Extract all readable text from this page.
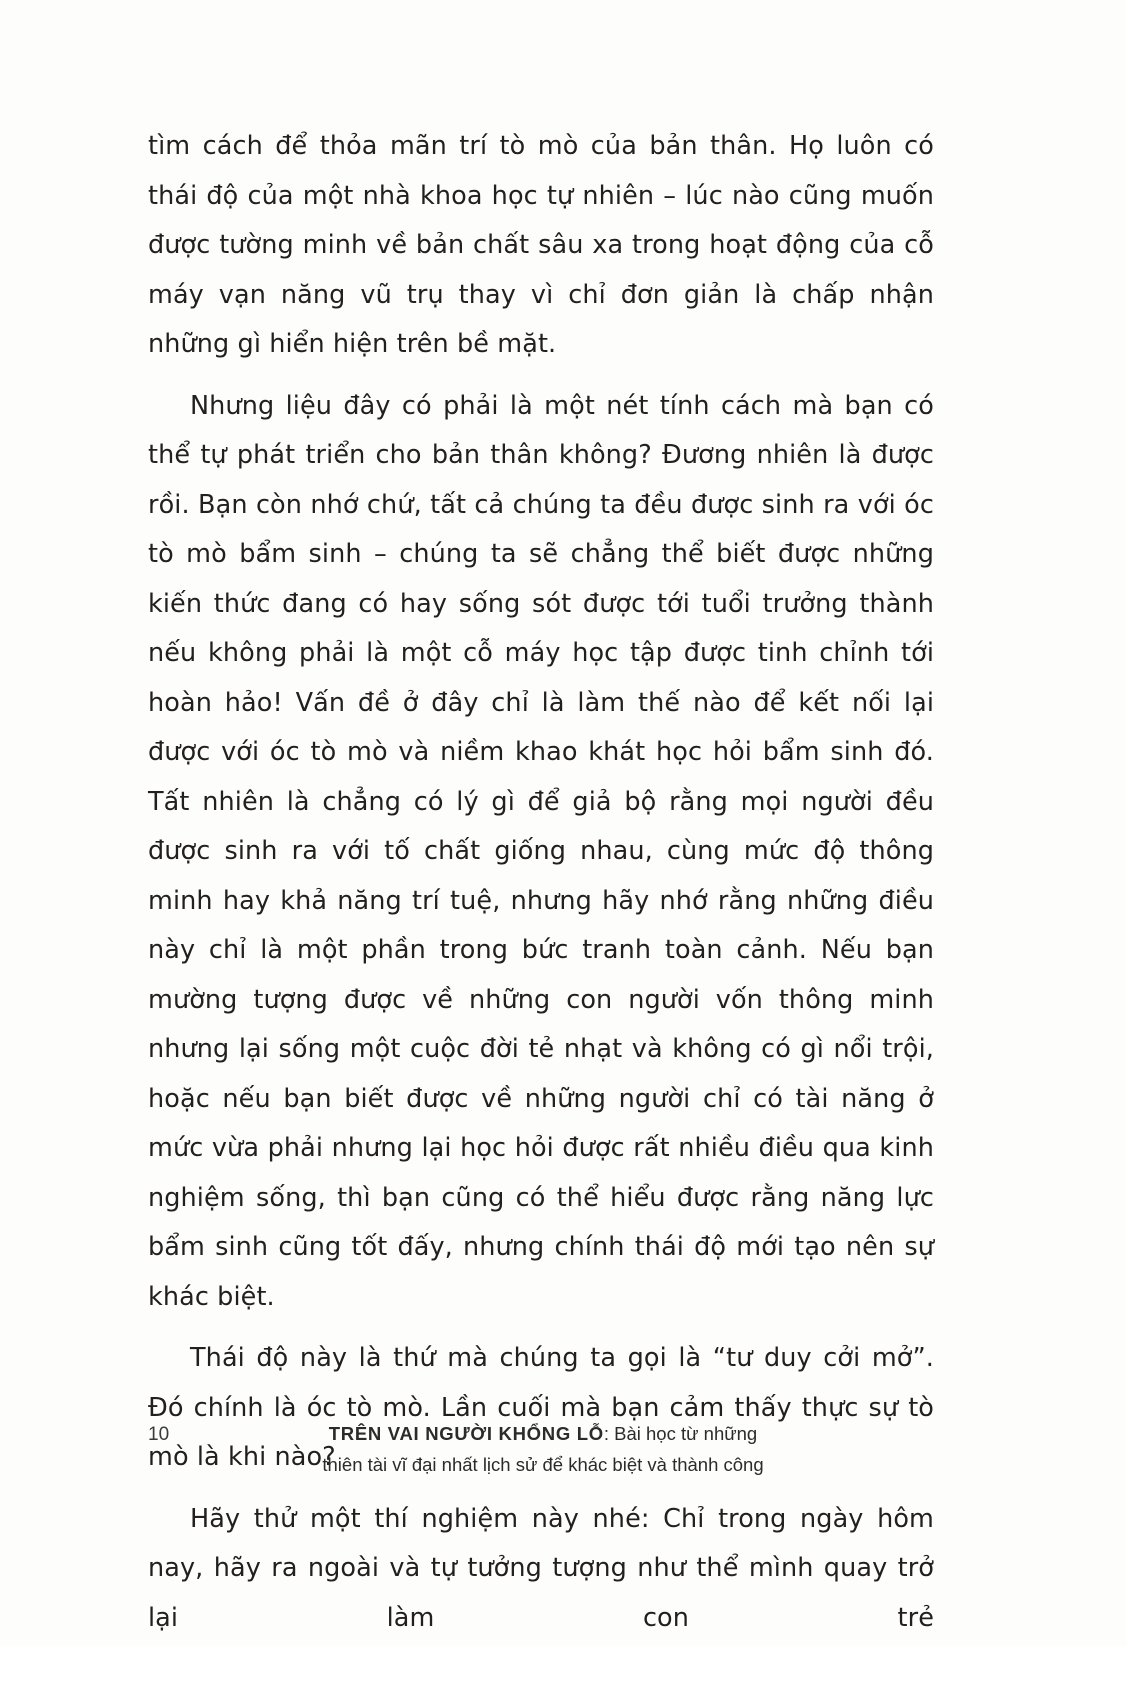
tìm cách để thỏa mãn trí tò mò của bản thân. Họ luôn có thái độ của một nhà khoa học tự nhiên – lúc nào cũng muốn được tường minh về bản chất sâu xa trong hoạt động của cỗ máy vạn năng vũ trụ thay vì chỉ đơn giản là chấp nhận những gì hiển hiện trên bề mặt.

Nhưng liệu đây có phải là một nét tính cách mà bạn có thể tự phát triển cho bản thân không? Đương nhiên là được rồi. Bạn còn nhớ chứ, tất cả chúng ta đều được sinh ra với óc tò mò bẩm sinh – chúng ta sẽ chẳng thể biết được những kiến thức đang có hay sống sót được tới tuổi trưởng thành nếu không phải là một cỗ máy học tập được tinh chỉnh tới hoàn hảo! Vấn đề ở đây chỉ là làm thế nào để kết nối lại được với óc tò mò và niềm khao khát học hỏi bẩm sinh đó. Tất nhiên là chẳng có lý gì để giả bộ rằng mọi người đều được sinh ra với tố chất giống nhau, cùng mức độ thông minh hay khả năng trí tuệ, nhưng hãy nhớ rằng những điều này chỉ là một phần trong bức tranh toàn cảnh. Nếu bạn mường tượng được về những con người vốn thông minh nhưng lại sống một cuộc đời tẻ nhạt và không có gì nổi trội, hoặc nếu bạn biết được về những người chỉ có tài năng ở mức vừa phải nhưng lại học hỏi được rất nhiều điều qua kinh nghiệm sống, thì bạn cũng có thể hiểu được rằng năng lực bẩm sinh cũng tốt đấy, nhưng chính thái độ mới tạo nên sự khác biệt.

Thái độ này là thứ mà chúng ta gọi là “tư duy cởi mở”. Đó chính là óc tò mò. Lần cuối mà bạn cảm thấy thực sự tò mò là khi nào?

Hãy thử một thí nghiệm này nhé: Chỉ trong ngày hôm nay, hãy ra ngoài và tự tưởng tượng như thể mình quay trở lại làm con trẻ

10	TRÊN VAI NGƯỜI KHỔNG LỖ: Bài học từ những
thiên tài vĩ đại nhất lịch sử để khác biệt và thành công
